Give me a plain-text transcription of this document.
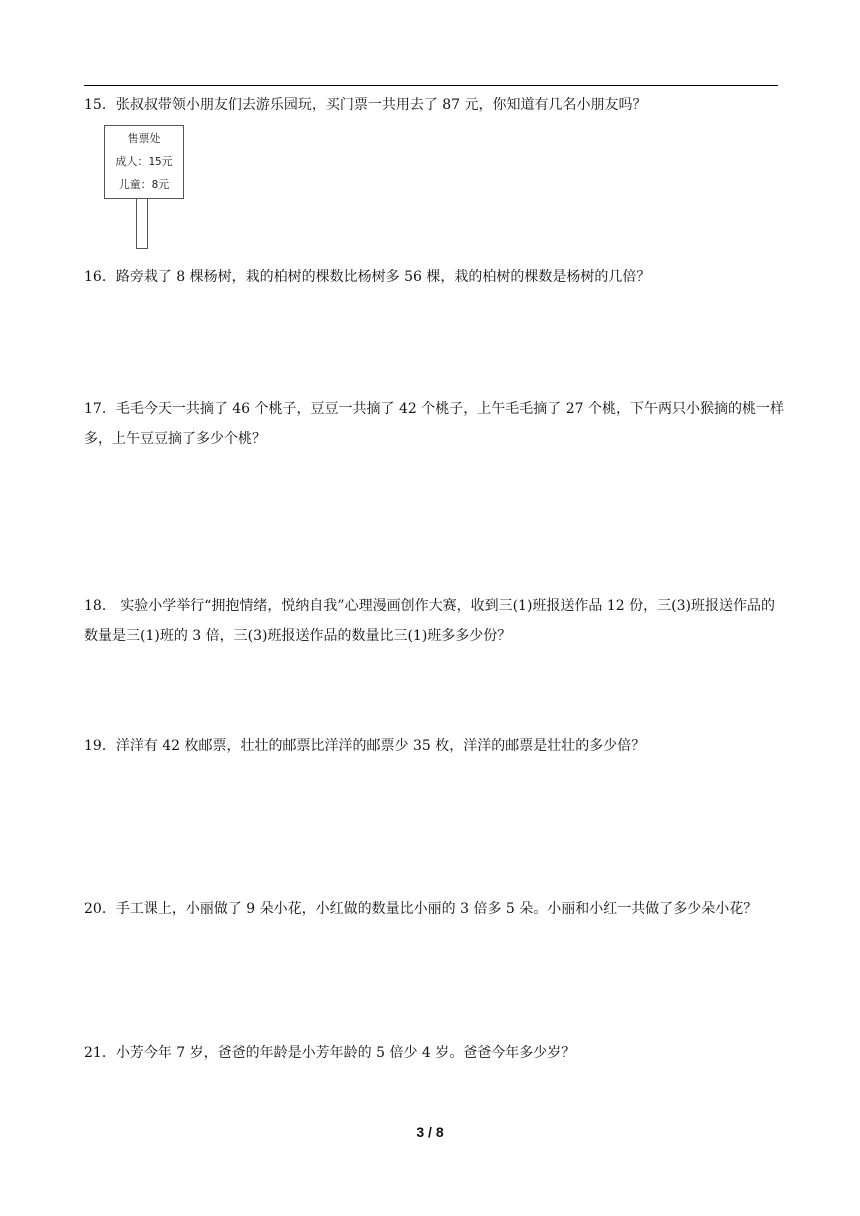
15．张叔叔带领小朋友们去游乐园玩，买门票一共用去了 87 元，你知道有几名小朋友吗？

售票处
成人：15元
儿童：8元

16．路旁栽了 8 棵杨树，栽的柏树的棵数比杨树多 56 棵，栽的柏树的棵数是杨树的几倍？

17．毛毛今天一共摘了 46 个桃子，豆豆一共摘了 42 个桃子，上午毛毛摘了 27 个桃，下午两只小猴摘的桃一样多，上午豆豆摘了多少个桃？

18． 实验小学举行“拥抱情绪，悦纳自我”心理漫画创作大赛，收到三(1)班报送作品 12 份，三(3)班报送作品的数量是三(1)班的 3 倍，三(3)班报送作品的数量比三(1)班多多少份？

19．洋洋有 42 枚邮票，壮壮的邮票比洋洋的邮票少 35 枚，洋洋的邮票是壮壮的多少倍？

20．手工课上，小丽做了 9 朵小花，小红做的数量比小丽的 3 倍多 5 朵。小丽和小红一共做了多少朵小花？

21．小芳今年 7 岁，爸爸的年龄是小芳年龄的 5 倍少 4 岁。爸爸今年多少岁？

3 / 8
